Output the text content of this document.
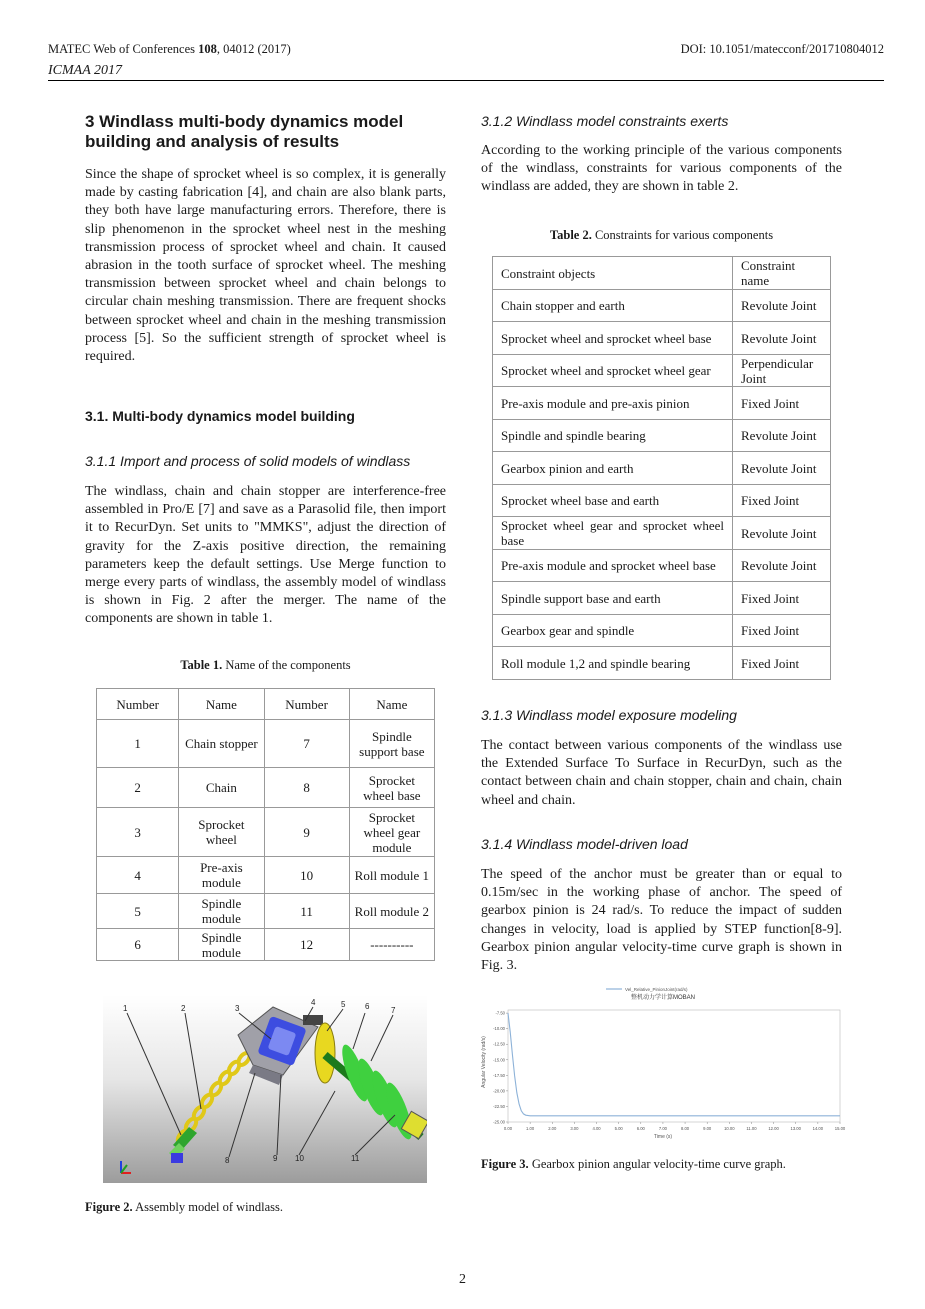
MATEC Web of Conferences 108, 04012 (2017)	DOI: 10.1051/matecconf/201710804012
ICMAA 2017
3 Windlass multi-body dynamics model building and analysis of results

Since the shape of sprocket wheel is so complex, it is generally made by casting fabrication [4], and chain are also blank parts, they both have large manufacturing errors. Therefore, there is slip phenomenon in the sprocket wheel nest in the meshing transmission process of sprocket wheel and chain. It caused abrasion in the tooth surface of sprocket wheel. The meshing transmission between sprocket wheel and chain belongs to circular chain meshing transmission. There are frequent shocks between sprocket wheel and chain in the meshing transmission process [5]. So the sufficient strength of sprocket wheel is required.

3.1. Multi-body dynamics model building
3.1.1 Import and process of solid models of windlass

The windlass, chain and chain stopper are interference-free assembled in Pro/E [7] and save as a Parasolid file, then import it to RecurDyn. Set units to "MMKS", adjust the direction of gravity for the Z-axis positive direction, the remaining parameters keep the default settings. Use Merge function to merge every parts of windlass, the assembly model of windlass is shown in Fig. 2 after the merger. The name of the components are shown in table 1.

Table 1. Name of the components
Number	Name	Number	Name
1	Chain stopper	7	Spindle support base
2	Chain	8	Sprocket wheel base
3	Sprocket wheel	9	Sprocket wheel gear module
4	Pre-axis module	10	Roll module 1
5	Spindle module	11	Roll module 2
6	Spindle module	12	----------
1	2	3
4	5 6	7
8	9 10	11
Figure 2. Assembly model of windlass.
3.1.2 Windlass model constraints exerts

According to the working principle of the various components of the windlass, constraints for various components of the windlass are added, they are shown in table 2.

Table 2. Constraints for various components
Constraint objects	Constraint name
Chain stopper and earth	Revolute Joint
Sprocket wheel and sprocket wheel base	Revolute Joint
Sprocket wheel and sprocket wheel gear	Perpendicular Joint
Pre-axis module and pre-axis pinion	Fixed Joint
Spindle and spindle bearing	Revolute Joint
Gearbox pinion and earth	Revolute Joint
Sprocket wheel base and earth	Fixed Joint
Sprocket wheel gear and sprocket wheel base	Revolute Joint
Pre-axis module and sprocket wheel base	Revolute Joint
Spindle support base and earth	Fixed Joint
Gearbox gear and spindle	Fixed Joint
Roll module 1,2 and spindle bearing	Fixed Joint
3.1.3 Windlass model exposure modeling

The contact between various components of the windlass use the Extended Surface To Surface in RecurDyn, such as the contact between chain and chain stopper, chain and chain, chain wheel and chain.

3.1.4 Windlass model-driven load

The speed of the anchor must be greater than or equal to 0.15m/sec in the working phase of anchor. The speed of gearbox pinion is 24 rad/s. To reduce the impact of sudden changes in velocity, load is applied by STEP function[8-9]. Gearbox pinion angular velocity-time curve graph is shown in Fig. 3.

Vel_Relative_PinionJoint(rad/s)
整机动力学计算MOBAN
0.00	1.00	2.00	3.00	4.00	5.00	6.00	7.00	8.00	9.00	10.00	11.00	12.00	13.00	14.00	15.00
-7.50
-10.00
-12.50
-15.00
-17.50
-20.00
-22.50
-25.00
Time (s)
Angular Velocity (rad/s)
Figure 3. Gearbox pinion angular velocity-time curve graph.
2
